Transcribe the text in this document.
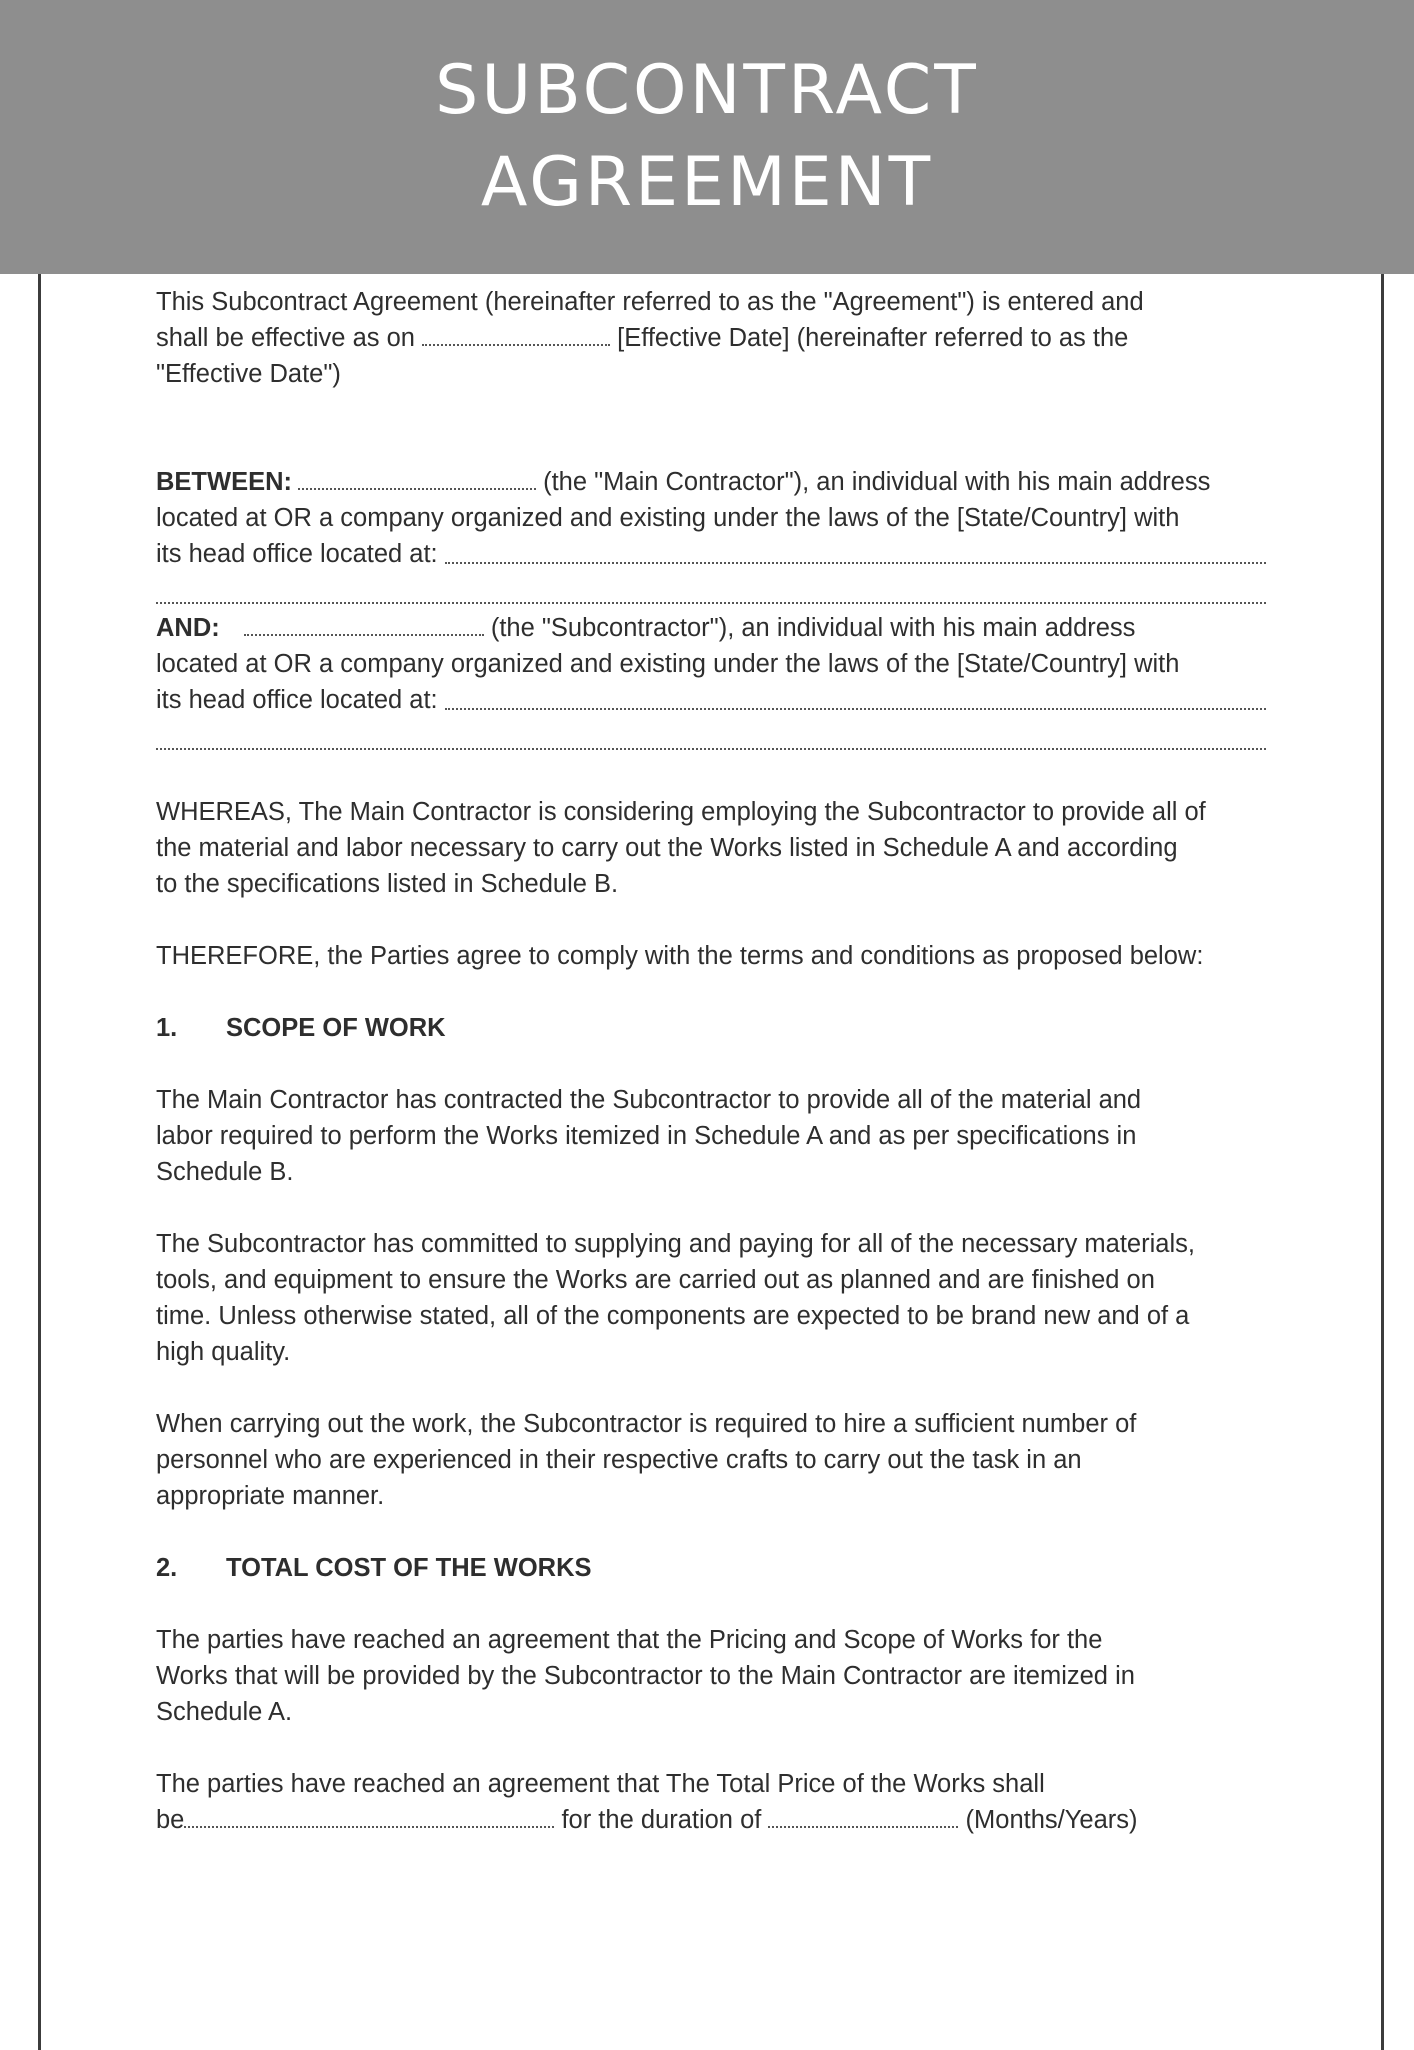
SUBCONTRACT
AGREEMENT

This Subcontract Agreement (hereinafter referred to as the "Agreement") is entered and

shall be effective as on	[Effective Date] (hereinafter referred to as the

"Effective Date")

BETWEEN:	(the "Main Contractor"), an individual with his main address

located at OR a company organized and existing under the laws of the [State/Country] with

its head office located at:

AND:	(the "Subcontractor"), an individual with his main address

located at OR a company organized and existing under the laws of the [State/Country] with

its head office located at:

WHEREAS, The Main Contractor is considering employing the Subcontractor to provide all of

the material and labor necessary to carry out the Works listed in Schedule A and according

to the specifications listed in Schedule B.

THEREFORE, the Parties agree to comply with the terms and conditions as proposed below:

1.	SCOPE OF WORK

The Main Contractor has contracted the Subcontractor to provide all of the material and

labor required to perform the Works itemized in Schedule A and as per specifications in

Schedule B.

The Subcontractor has committed to supplying and paying for all of the necessary materials,

tools, and equipment to ensure the Works are carried out as planned and are finished on

time. Unless otherwise stated, all of the components are expected to be brand new and of a

high quality.

When carrying out the work, the Subcontractor is required to hire a sufficient number of

personnel who are experienced in their respective crafts to carry out the task in an

appropriate manner.

2.	TOTAL COST OF THE WORKS

The parties have reached an agreement that the Pricing and Scope of Works for the

Works that will be provided by the Subcontractor to the Main Contractor are itemized in

Schedule A.

The parties have reached an agreement that The Total Price of the Works shall

be	for the duration of	(Months/Years)
